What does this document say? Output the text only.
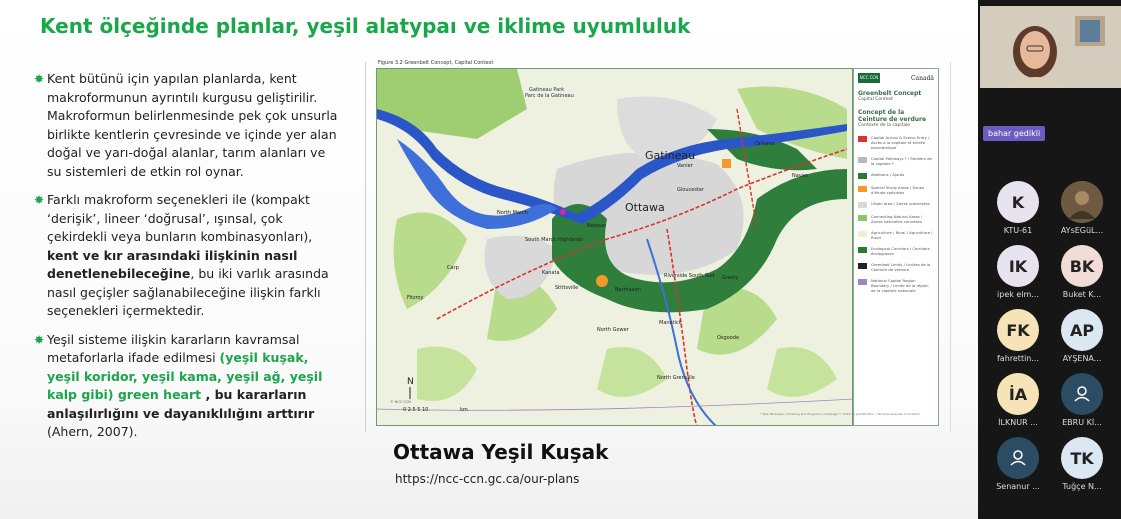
Kent ölçeğinde planlar, yeşil alatypaı ve iklime uyumluluk
✸ Kent bütünü için yapılan planlarda, kent makroformunun ayrıntılı kurgusu geliştirilir. Makroformun belirlenmesinde pek çok unsurla birlikte kentlerin çevresinde ve içinde yer alan doğal ve yarı-doğal alanlar, tarım alanları ve su sistemleri de etkin rol oynar.
✸ Farklı makroform seçenekleri ile (kompakt ‘derişik’, lineer ‘doğrusal’, ışınsal, çok çekirdekli veya bunların kombinasyonları), kent ve kır arasındaki ilişkinin nasıl denetlenebileceğine, bu iki varlık arasında nasıl geçişler sağlanabileceğine ilişkin farklı seçenekleri içermektedir.
✸ Yeşil sisteme ilişkin kararların kavramsal metaforlarla ifade edilmesi (yeşil kuşak, yeşil koridor, yeşil kama, yeşil ağ, yeşil kalp gibi) green heart , bu kararların anlaşılırlığını ve dayanıklılığını arttırır (Ahern, 2007).
Figure 3.2 Greenbelt Concept, Capital Context
N
0 2.5 5 10	km
Gatineau Park
Parc de la Gatineau
Gatineau
Ottawa
Orléans
Navan
Vanier
Gloucester
Nepean
Kanata
Stittsville	Barrhaven
Riverside South Sud
Manotick
Osgoode
North Gower
North Grenville
North March
South March Highlands
Carp
Fitzroy
Greely
NCC CCN	Canadä
Greenbelt Concept
Capital Context
Concept de la Ceinture de verdure
Contexte de la capitale
Capital Arrival & Scenic Entry / Accès à la capitale et entrée panoramique
Capital Pathways * / Sentiers de la capitale *
Additions / Ajouts
Special Study Areas / Zones d'étude spéciales
Urban Area / Zones urbanisées
Connecting Natural Areas / Zones naturelles connexes
Agriculture / Rural / Agriculture / Rural
Ecological Corridors / Corridors écologiques
Greenbelt Limits / Limites de la Ceinture de verdure
National Capital Region Boundary / Limite de la région de la capitale nationale
© NCC CCN
* NCC Parkways / Crossing and Programs / lotissage ** 2019 de planification / Terrains réservés à l'activité
Ottawa Yeşil Kuşak
https://ncc-ccn.gc.ca/our-plans
bahar gedikli
K
KTU-61	AYsEGüL...
IK
ipek elm...
BK
Buket K...
FK
fahrettin...
AP
AYŞENA...
İA
İLKNUR ...	EBRU Kİ...
Senanur ...
TK
Tuğçe N...
